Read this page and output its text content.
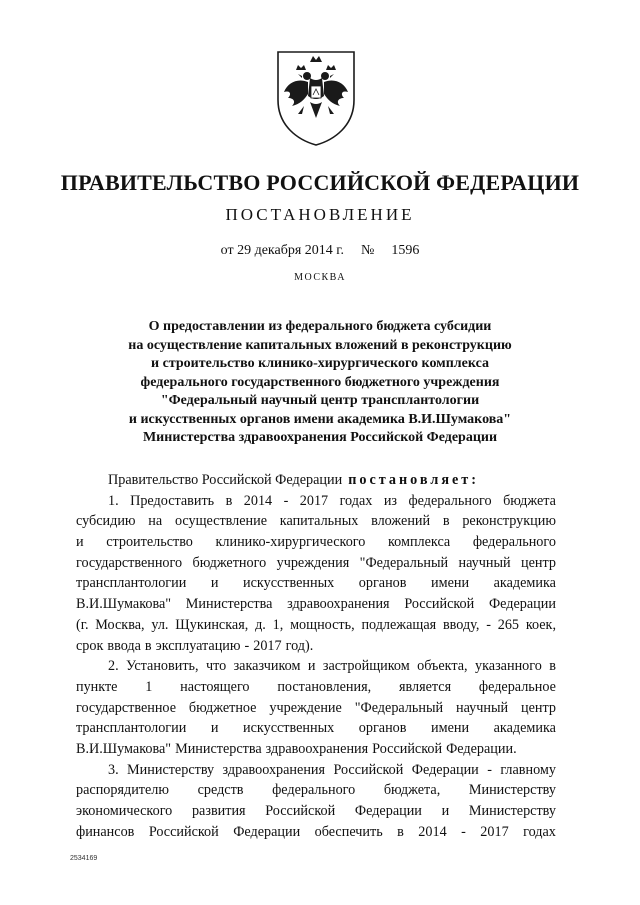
ПРАВИТЕЛЬСТВО РОССИЙСКОЙ ФЕДЕРАЦИИ
ПОСТАНОВЛЕНИЕ
от 29 декабря 2014 г. № 1596
МОСКВА
О предоставлении из федерального бюджета субсидии
на осуществление капитальных вложений в реконструкцию
и строительство клинико-хирургического комплекса
федерального государственного бюджетного учреждения
"Федеральный научный центр трансплантологии
и искусственных органов имени академика В.И.Шумакова"
Министерства здравоохранения Российской Федерации
Правительство Российской Федерации постановляет:
1. Предоставить в 2014 - 2017 годах из федерального бюджета
субсидию на осуществление капитальных вложений в реконструкцию
и строительство клинико-хирургического комплекса федерального
государственного бюджетного учреждения "Федеральный научный центр
трансплантологии и искусственных органов имени академика
В.И.Шумакова" Министерства здравоохранения Российской Федерации
(г. Москва, ул. Щукинская, д. 1, мощность, подлежащая вводу, - 265 коек,
срок ввода в эксплуатацию - 2017 год).
2. Установить, что заказчиком и застройщиком объекта, указанного в
пункте 1 настоящего постановления, является федеральное
государственное бюджетное учреждение "Федеральный научный центр
трансплантологии и искусственных органов имени академика
В.И.Шумакова" Министерства здравоохранения Российской Федерации.
3. Министерству здравоохранения Российской Федерации - главному
распорядителю средств федерального бюджета, Министерству
экономического развития Российской Федерации и Министерству
финансов Российской Федерации обеспечить в 2014 - 2017 годах
2534169
